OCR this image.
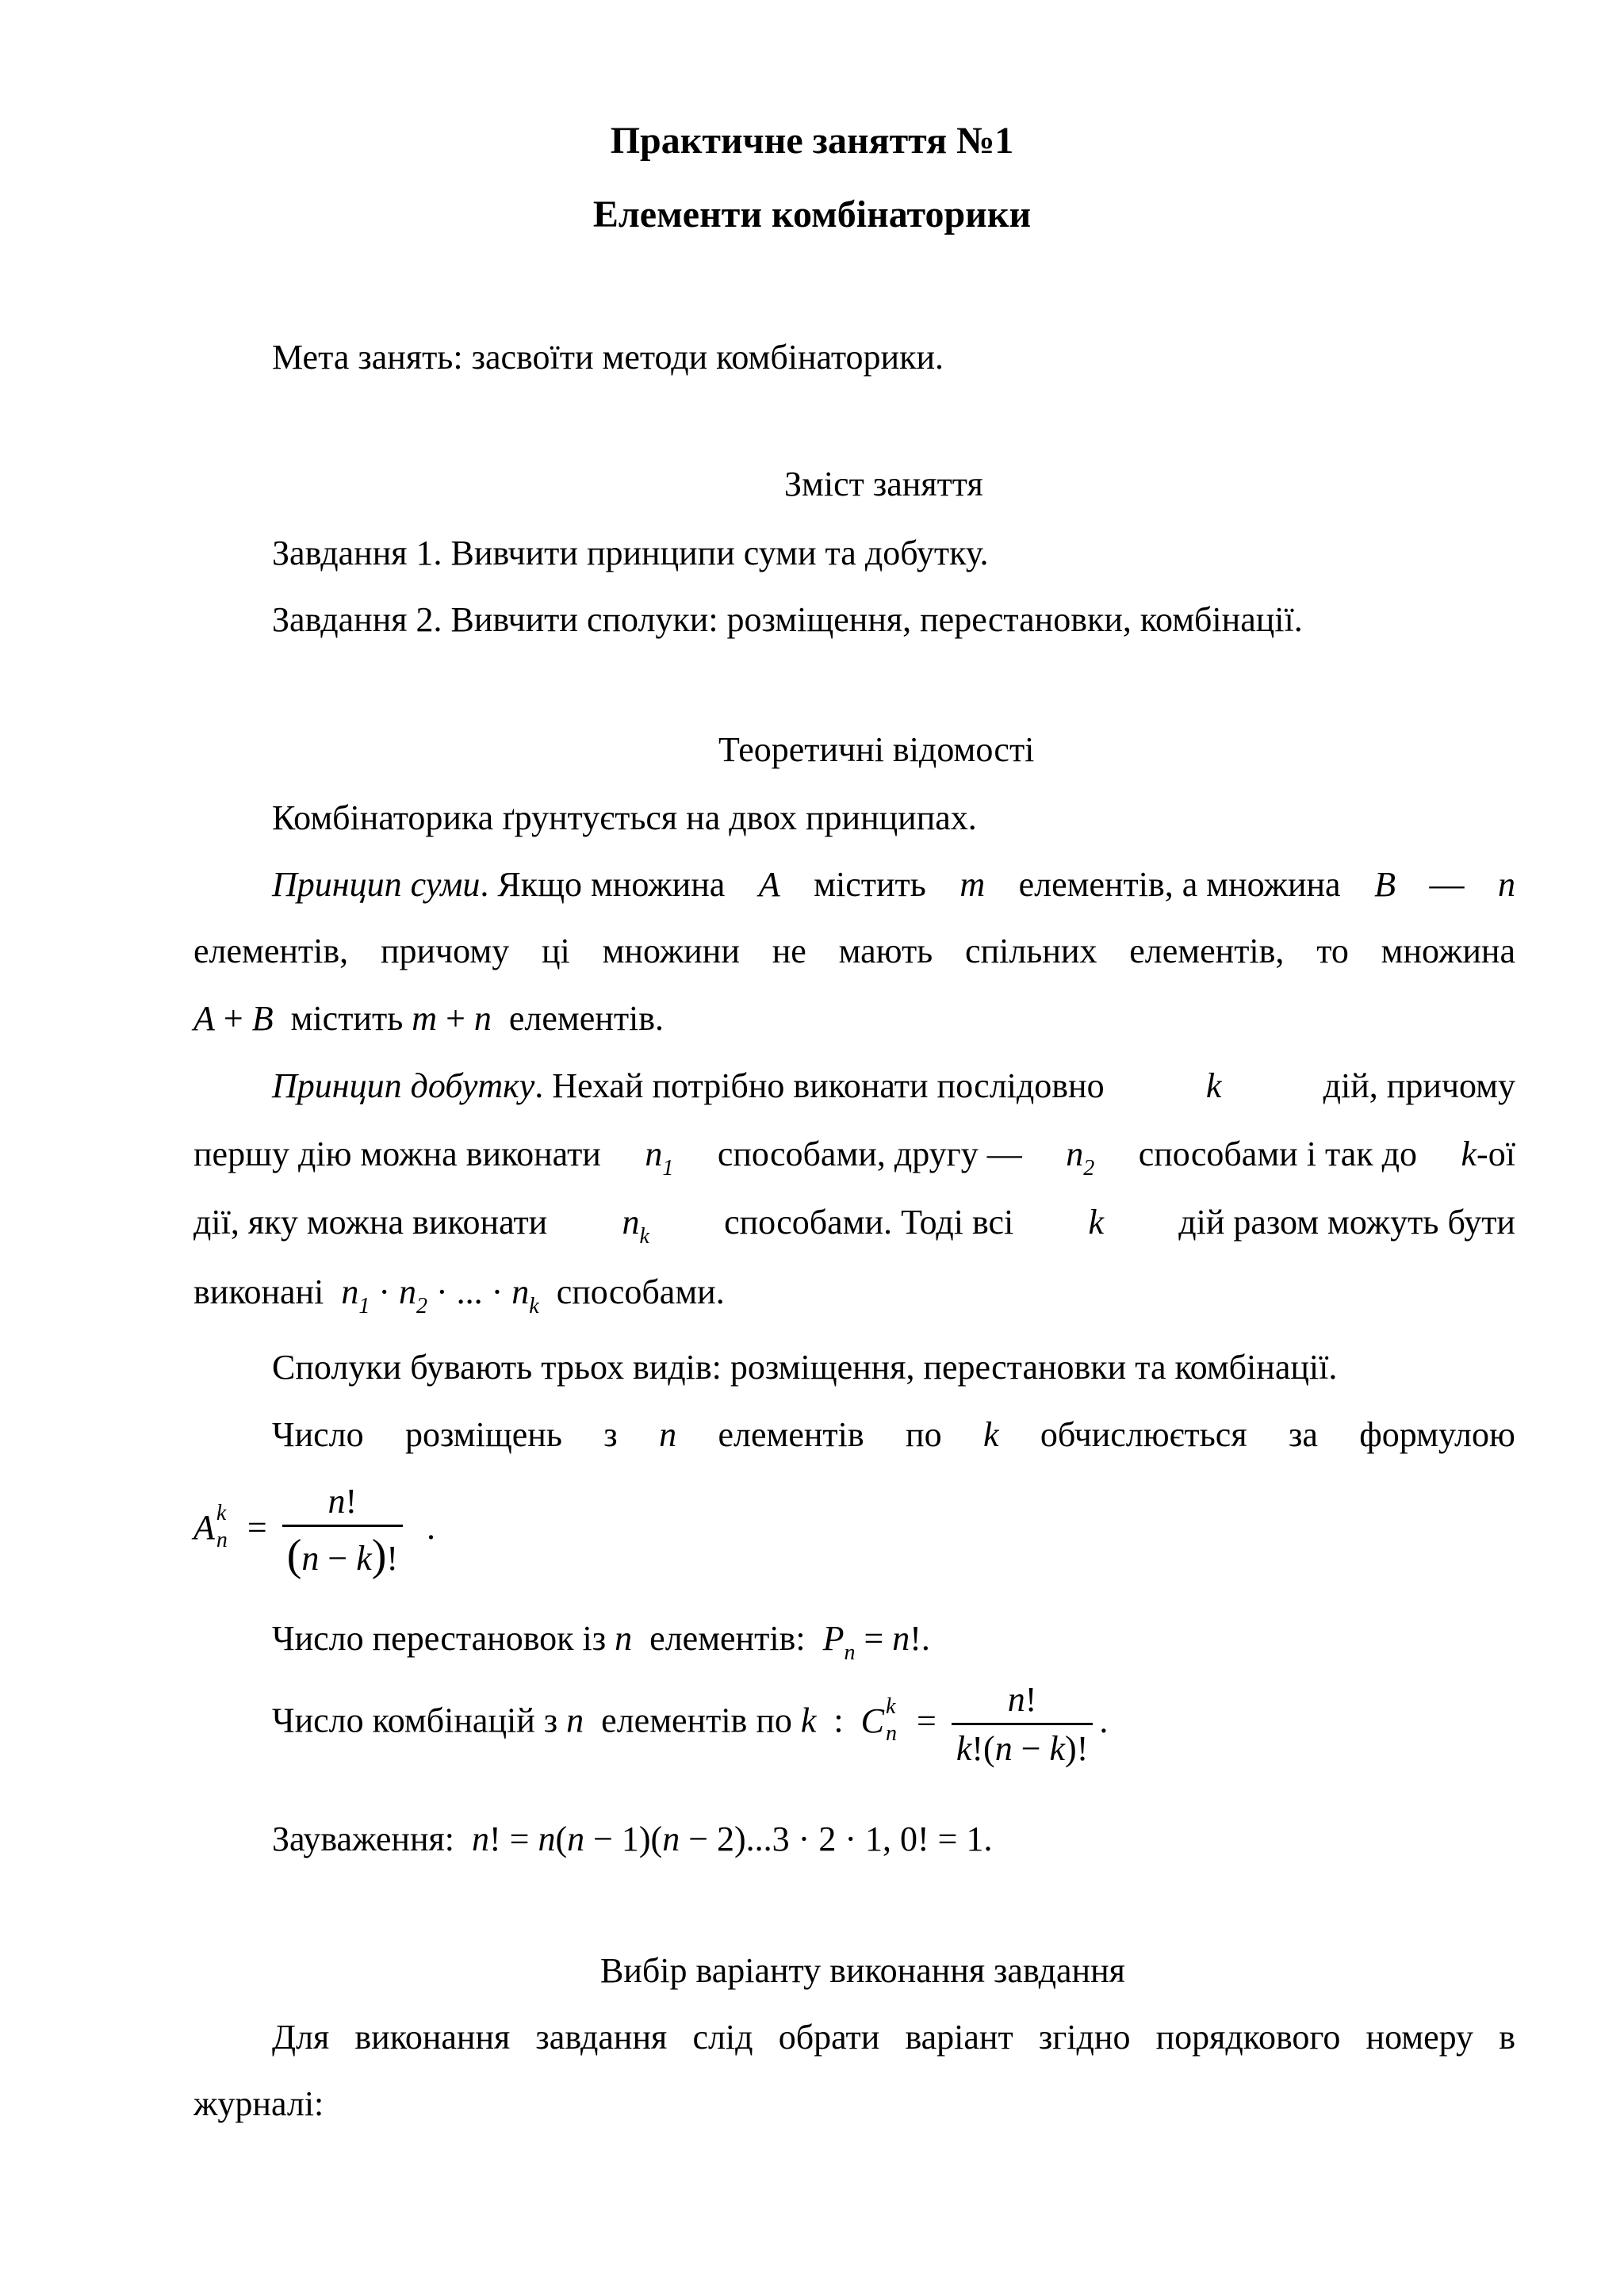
Практичне заняття №1
Елементи комбінаторики
Мета занять: засвоїти методи комбінаторики.
Зміст заняття
Завдання 1. Вивчити принципи суми та добутку.
Завдання 2. Вивчити сполуки: розміщення, перестановки, комбінації.
Теоретичні відомості
Комбінаторика ґрунтується на двох принципах.
Принцип суми. Якщо множина A містить m елементів, а множина B — n
елементів, причому ці множини не мають спільних елементів, то множина
A + B містить m + n елементів.
Принцип добутку. Нехай потрібно виконати послідовно	k	дій, причому
першу дію можна виконати $n_1$ способами, другу — $n_2$ способами і так до k-ої
дії, яку можна виконати $n_k$ способами. Тоді всі k дій разом можуть бути
виконані $n_1 \cdot n_2$ · ... · $n_k$ способами.
Сполуки бувають трьох видів: розміщення, перестановки та комбінації.
Число розміщень з n елементів по k обчислюється за формулою
A k
$n = \frac{n!}{(n - k)!}$ .
Число перестановок із n елементів: $P_n = n$!.
Число комбінацій з n елементів по k : C k
$n = \frac{n!}{k!(n - k)!}$ .
Зауваження: n! = n(n − 1)(n − 2)...3 · 2 · 1, 0! = 1.
Вибір варіанту виконання завдання
Для виконання завдання слід обрати варіант згідно порядкового номеру в
журналі:
